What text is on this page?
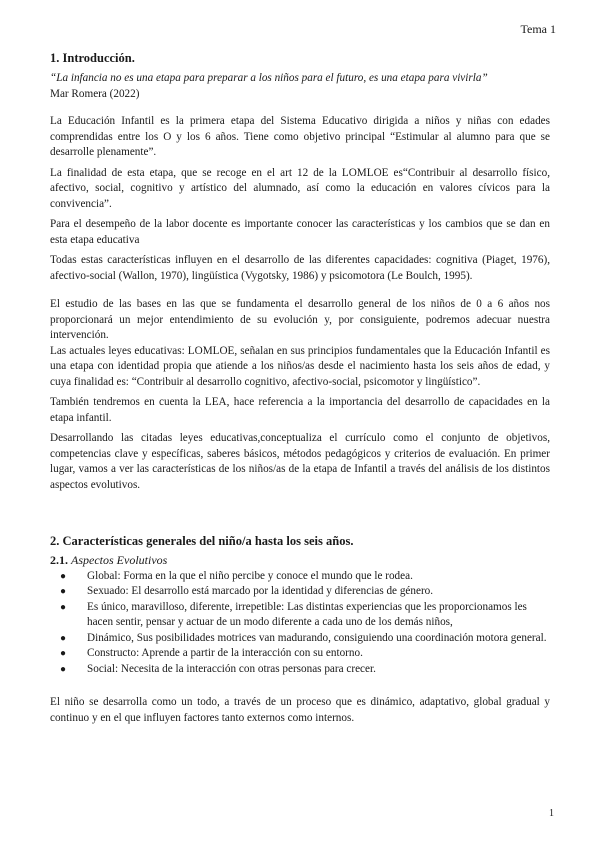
Tema 1
1. Introducción.

“La infancia no es una etapa para preparar a los niños para el futuro, es una etapa para vivirla”

Mar Romera (2022)

La Educación Infantil es la primera etapa del Sistema Educativo dirigida a niños y niñas con edades comprendidas entre los O y los 6 años. Tiene como objetivo principal “Estimular al alumno para que se desarrolle plenamente”.

La finalidad de esta etapa, que se recoge en el art 12 de la LOMLOE es“Contribuir al desarrollo físico, afectivo, social, cognitivo y artístico del alumnado, así como la educación en valores cívicos para la convivencia”.

Para el desempeño de la labor docente es importante conocer las características y los cambios que se dan en esta etapa educativa

Todas estas características influyen en el desarrollo de las diferentes capacidades: cognitiva (Piaget, 1976), afectivo-social (Wallon, 1970), lingüística (Vygotsky, 1986) y psicomotora (Le Boulch, 1995).

El estudio de las bases en las que se fundamenta el desarrollo general de los niños de 0 a 6 años nos proporcionará un mejor entendimiento de su evolución y, por consiguiente, podremos adecuar nuestra intervención.

Las actuales leyes educativas: LOMLOE, señalan en sus principios fundamentales que la Educación Infantil es una etapa con identidad propia que atiende a los niños/as desde el nacimiento hasta los seis años de edad, y cuya finalidad es: “Contribuir al desarrollo cognitivo, afectivo-social, psicomotor y lingüístico”.

También tendremos en cuenta la LEA, hace referencia a la importancia del desarrollo de capacidades en la etapa infantil.

Desarrollando las citadas leyes educativas,conceptualiza el currículo como el conjunto de objetivos, competencias clave y específicas, saberes básicos, métodos pedagógicos y criterios de evaluación. En primer lugar, vamos a ver las características de los niños/as de la etapa de Infantil a través del análisis de los distintos aspectos evolutivos.

2. Características generales del niño/a hasta los seis años.
2.1. Aspectos Evolutivos
● Global: Forma en la que el niño percibe y conoce el mundo que le rodea.
● Sexuado: El desarrollo está marcado por la identidad y diferencias de género.
● Es único, maravilloso, diferente, irrepetible: Las distintas experiencias que les proporcionamos les hacen sentir, pensar y actuar de un modo diferente a cada uno de los demás niños,
● Dinámico, Sus posibilidades motrices van madurando, consiguiendo una coordinación motora general.
● Constructo: Aprende a partir de la interacción con su entorno.
● Social: Necesita de la interacción con otras personas para crecer.

El niño se desarrolla como un todo, a través de un proceso que es dinámico, adaptativo, global gradual y continuo y en el que influyen factores tanto externos como internos.

1
